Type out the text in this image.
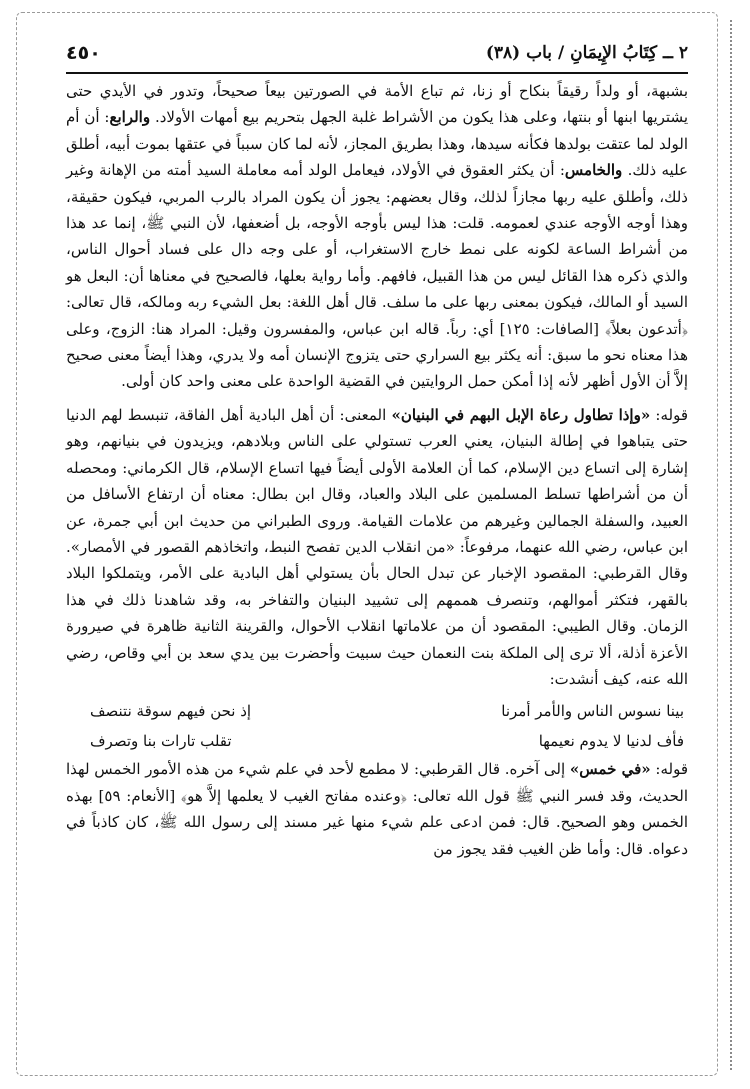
٢ ــ كِتَابُ الإِيمَانِ / باب (٣٨)
٤٥٠

بشبهة، أو ولداً رقيقاً بنكاح أو زنا، ثم تباع الأمة في الصورتين بيعاً صحيحاً، وتدور في الأيدي حتى يشتريها ابنها أو بنتها، وعلى هذا يكون من الأشراط غلبة الجهل بتحريم بيع أمهات الأولاد. والرابع: أن أم الولد لما عتقت بولدها فكأنه سيدها، وهذا بطريق المجاز، لأنه لما كان سبباً في عتقها بموت أبيه، أطلق عليه ذلك. والخامس: أن يكثر العقوق في الأولاد، فيعامل الولد أمه معاملة السيد أمته من الإهانة وغير ذلك، وأطلق عليه ربها مجازاً لذلك، وقال بعضهم: يجوز أن يكون المراد بالرب المربي، فيكون حقيقة، وهذا أوجه الأوجه عندي لعمومه. قلت: هذا ليس بأوجه الأوجه، بل أضعفها، لأن النبي ﷺ، إنما عد هذا من أشراط الساعة لكونه على نمط خارج الاستغراب، أو على وجه دال على فساد أحوال الناس، والذي ذكره هذا القائل ليس من هذا القبيل، فافهم. وأما رواية بعلها، فالصحيح في معناها أن: البعل هو السيد أو المالك، فيكون بمعنى ربها على ما سلف. قال أهل اللغة: بعل الشيء ربه ومالكه، قال تعالى: ﴿أتدعون بعلاً﴾ [الصافات: ١٢٥] أي: رباً. قاله ابن عباس، والمفسرون وقيل: المراد هنا: الزوج، وعلى هذا معناه نحو ما سبق: أنه يكثر بيع السراري حتى يتزوج الإنسان أمه ولا يدري، وهذا أيضاً معنى صحيح إلاَّ أن الأول أظهر لأنه إذا أمكن حمل الروايتين في القضية الواحدة على معنى واحد كان أولى.

قوله: «وإذا تطاول رعاة الإبل البهم في البنيان» المعنى: أن أهل البادية أهل الفاقة، تنبسط لهم الدنيا حتى يتباهوا في إطالة البنيان، يعني العرب تستولي على الناس وبلادهم، ويزيدون في بنيانهم، وهو إشارة إلى اتساع دين الإسلام، كما أن العلامة الأولى أيضاً فيها اتساع الإسلام، قال الكرماني: ومحصله أن من أشراطها تسلط المسلمين على البلاد والعباد، وقال ابن بطال: معناه أن ارتفاع الأسافل من العبيد، والسفلة الجمالين وغيرهم من علامات القيامة. وروى الطبراني من حديث ابن أبي جمرة، عن ابن عباس، رضي الله عنهما، مرفوعاً: «من انقلاب الدين تفصح النبط، واتخاذهم القصور في الأمصار». وقال القرطبي: المقصود الإخبار عن تبدل الحال بأن يستولي أهل البادية على الأمر، ويتملكوا البلاد بالقهر، فتكثر أموالهم، وتنصرف هممهم إلى تشييد البنيان والتفاخر به، وقد شاهدنا ذلك في هذا الزمان. وقال الطيبي: المقصود أن من علاماتها انقلاب الأحوال، والقرينة الثانية ظاهرة في صيرورة الأعزة أذلة، ألا ترى إلى الملكة بنت النعمان حيث سبيت وأحضرت بين يدي سعد بن أبي وقاص، رضي الله عنه، كيف أنشدت:

بينا نسوس الناس والأمر أمرنا
إذ نحن فيهم سوقة نتنصف
فأف لدنيا لا يدوم نعيمها
تقلب تارات بنا وتصرف

قوله: «في خمس» إلى آخره. قال القرطبي: لا مطمع لأحد في علم شيء من هذه الأمور الخمس لهذا الحديث، وقد فسر النبي ﷺ قول الله تعالى: ﴿وعنده مفاتح الغيب لا يعلمها إلاَّ هو﴾ [الأنعام: ٥٩] بهذه الخمس وهو الصحيح. قال: فمن ادعى علم شيء منها غير مسند إلى رسول الله ﷺ، كان كاذباً في دعواه. قال: وأما ظن الغيب فقد يجوز من
